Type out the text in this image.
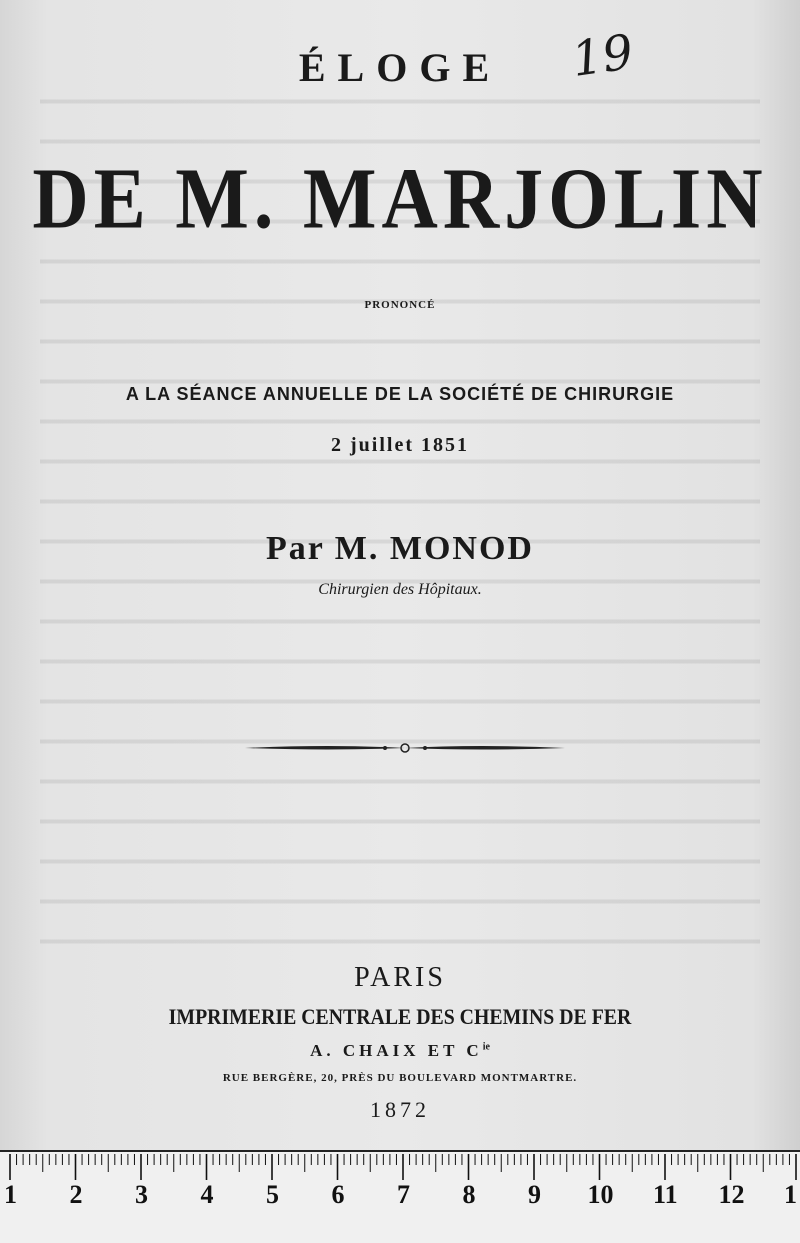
ÉLOGE	19
DE M. MARJOLIN
PRONONCÉ
A LA SÉANCE ANNUELLE DE LA SOCIÉTÉ DE CHIRURGIE
2 juillet 1851
Par M. MONOD
Chirurgien des Hôpitaux.
PARIS
IMPRIMERIE CENTRALE DES CHEMINS DE FER
A. CHAIX ET $C^{ie}$
RUE BERGÈRE, 20, PRÈS DU BOULEVARD MONTMARTRE.
1872
1 2 3 4 5 6 7 8 9 10 11 12 1
